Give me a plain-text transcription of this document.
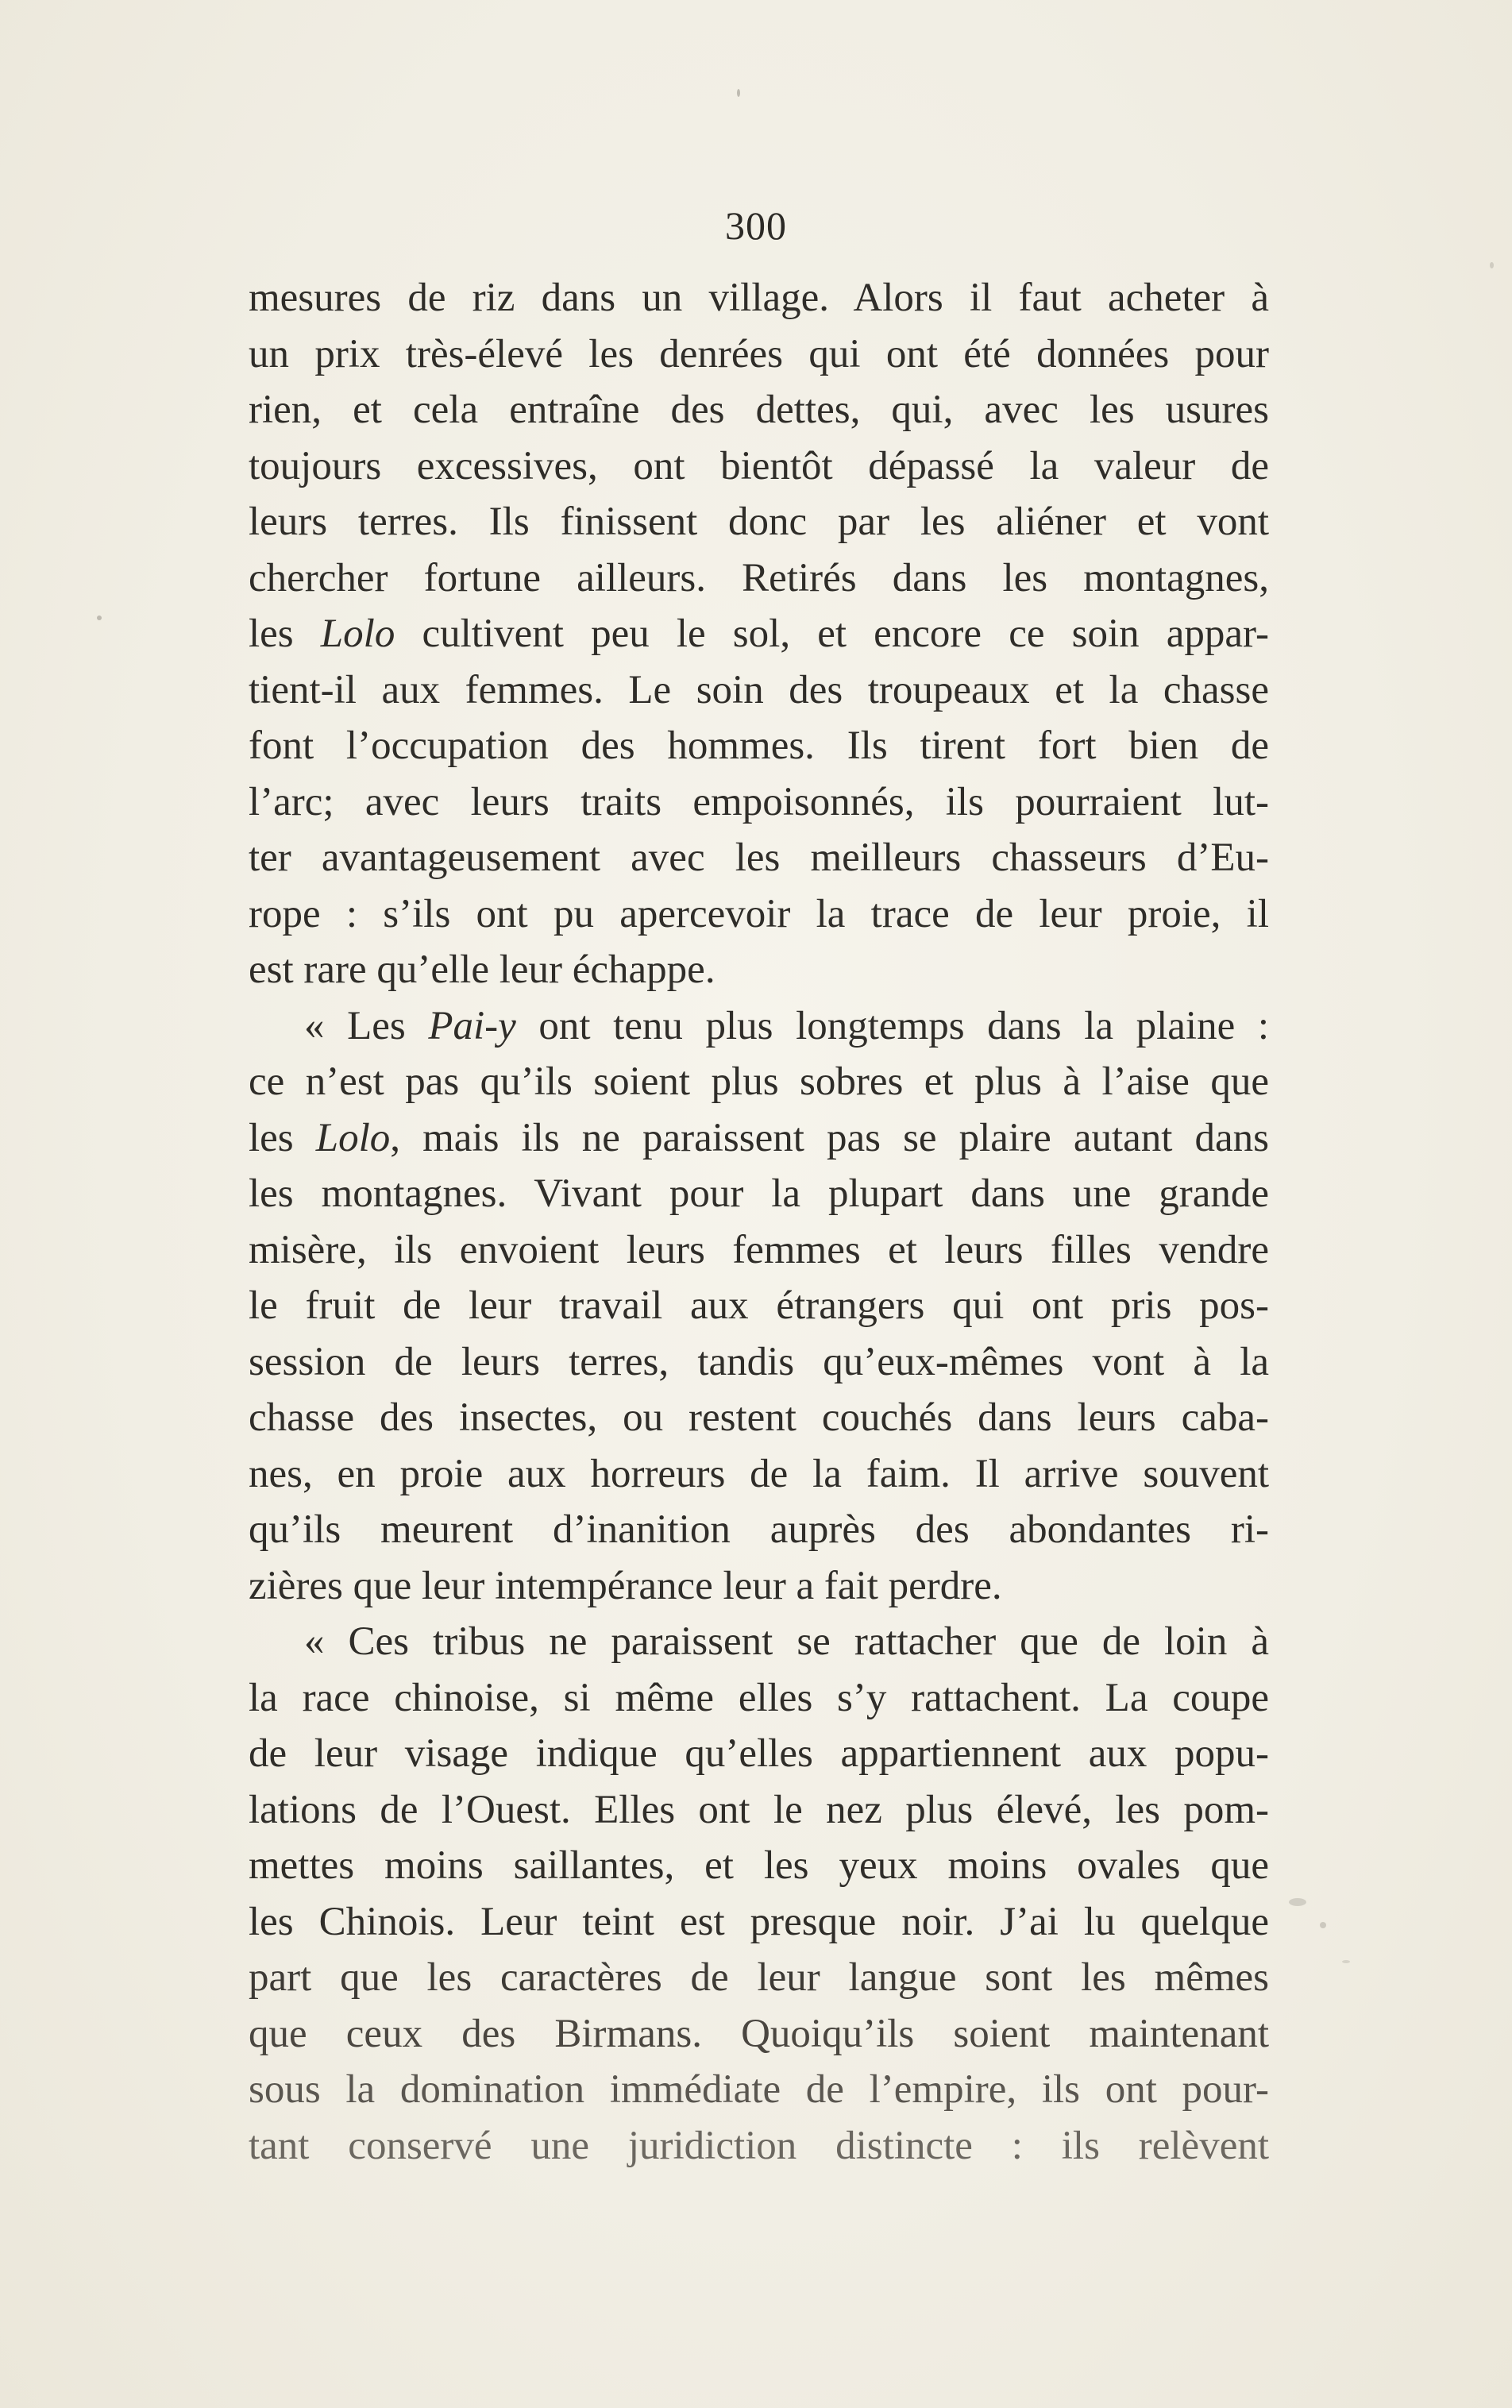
300
mesures de riz dans un village. Alors il faut acheter à
un prix très-élevé les denrées qui ont été données pour
rien, et cela entraîne des dettes, qui, avec les usures
toujours excessives, ont bientôt dépassé la valeur de
leurs terres. Ils finissent donc par les aliéner et vont
chercher fortune ailleurs. Retirés dans les montagnes,
les Lolo cultivent peu le sol, et encore ce soin appar-
tient-il aux femmes. Le soin des troupeaux et la chasse
font l’occupation des hommes. Ils tirent fort bien de
l’arc; avec leurs traits empoisonnés, ils pourraient lut-
ter avantageusement avec les meilleurs chasseurs d’Eu-
rope : s’ils ont pu apercevoir la trace de leur proie, il
est rare qu’elle leur échappe.
« Les Pai-y ont tenu plus longtemps dans la plaine :
ce n’est pas qu’ils soient plus sobres et plus à l’aise que
les Lolo, mais ils ne paraissent pas se plaire autant dans
les montagnes. Vivant pour la plupart dans une grande
misère, ils envoient leurs femmes et leurs filles vendre
le fruit de leur travail aux étrangers qui ont pris pos-
session de leurs terres, tandis qu’eux-mêmes vont à la
chasse des insectes, ou restent couchés dans leurs caba-
nes, en proie aux horreurs de la faim. Il arrive souvent
qu’ils meurent d’inanition auprès des abondantes ri-
zières que leur intempérance leur a fait perdre.
« Ces tribus ne paraissent se rattacher que de loin à
la race chinoise, si même elles s’y rattachent. La coupe
de leur visage indique qu’elles appartiennent aux popu-
lations de l’Ouest. Elles ont le nez plus élevé, les pom-
mettes moins saillantes, et les yeux moins ovales que
les Chinois. Leur teint est presque noir. J’ai lu quelque
part que les caractères de leur langue sont les mêmes
que ceux des Birmans. Quoiqu’ils soient maintenant
sous la domination immédiate de l’empire, ils ont pour-
tant conservé une juridiction distincte : ils relèvent
